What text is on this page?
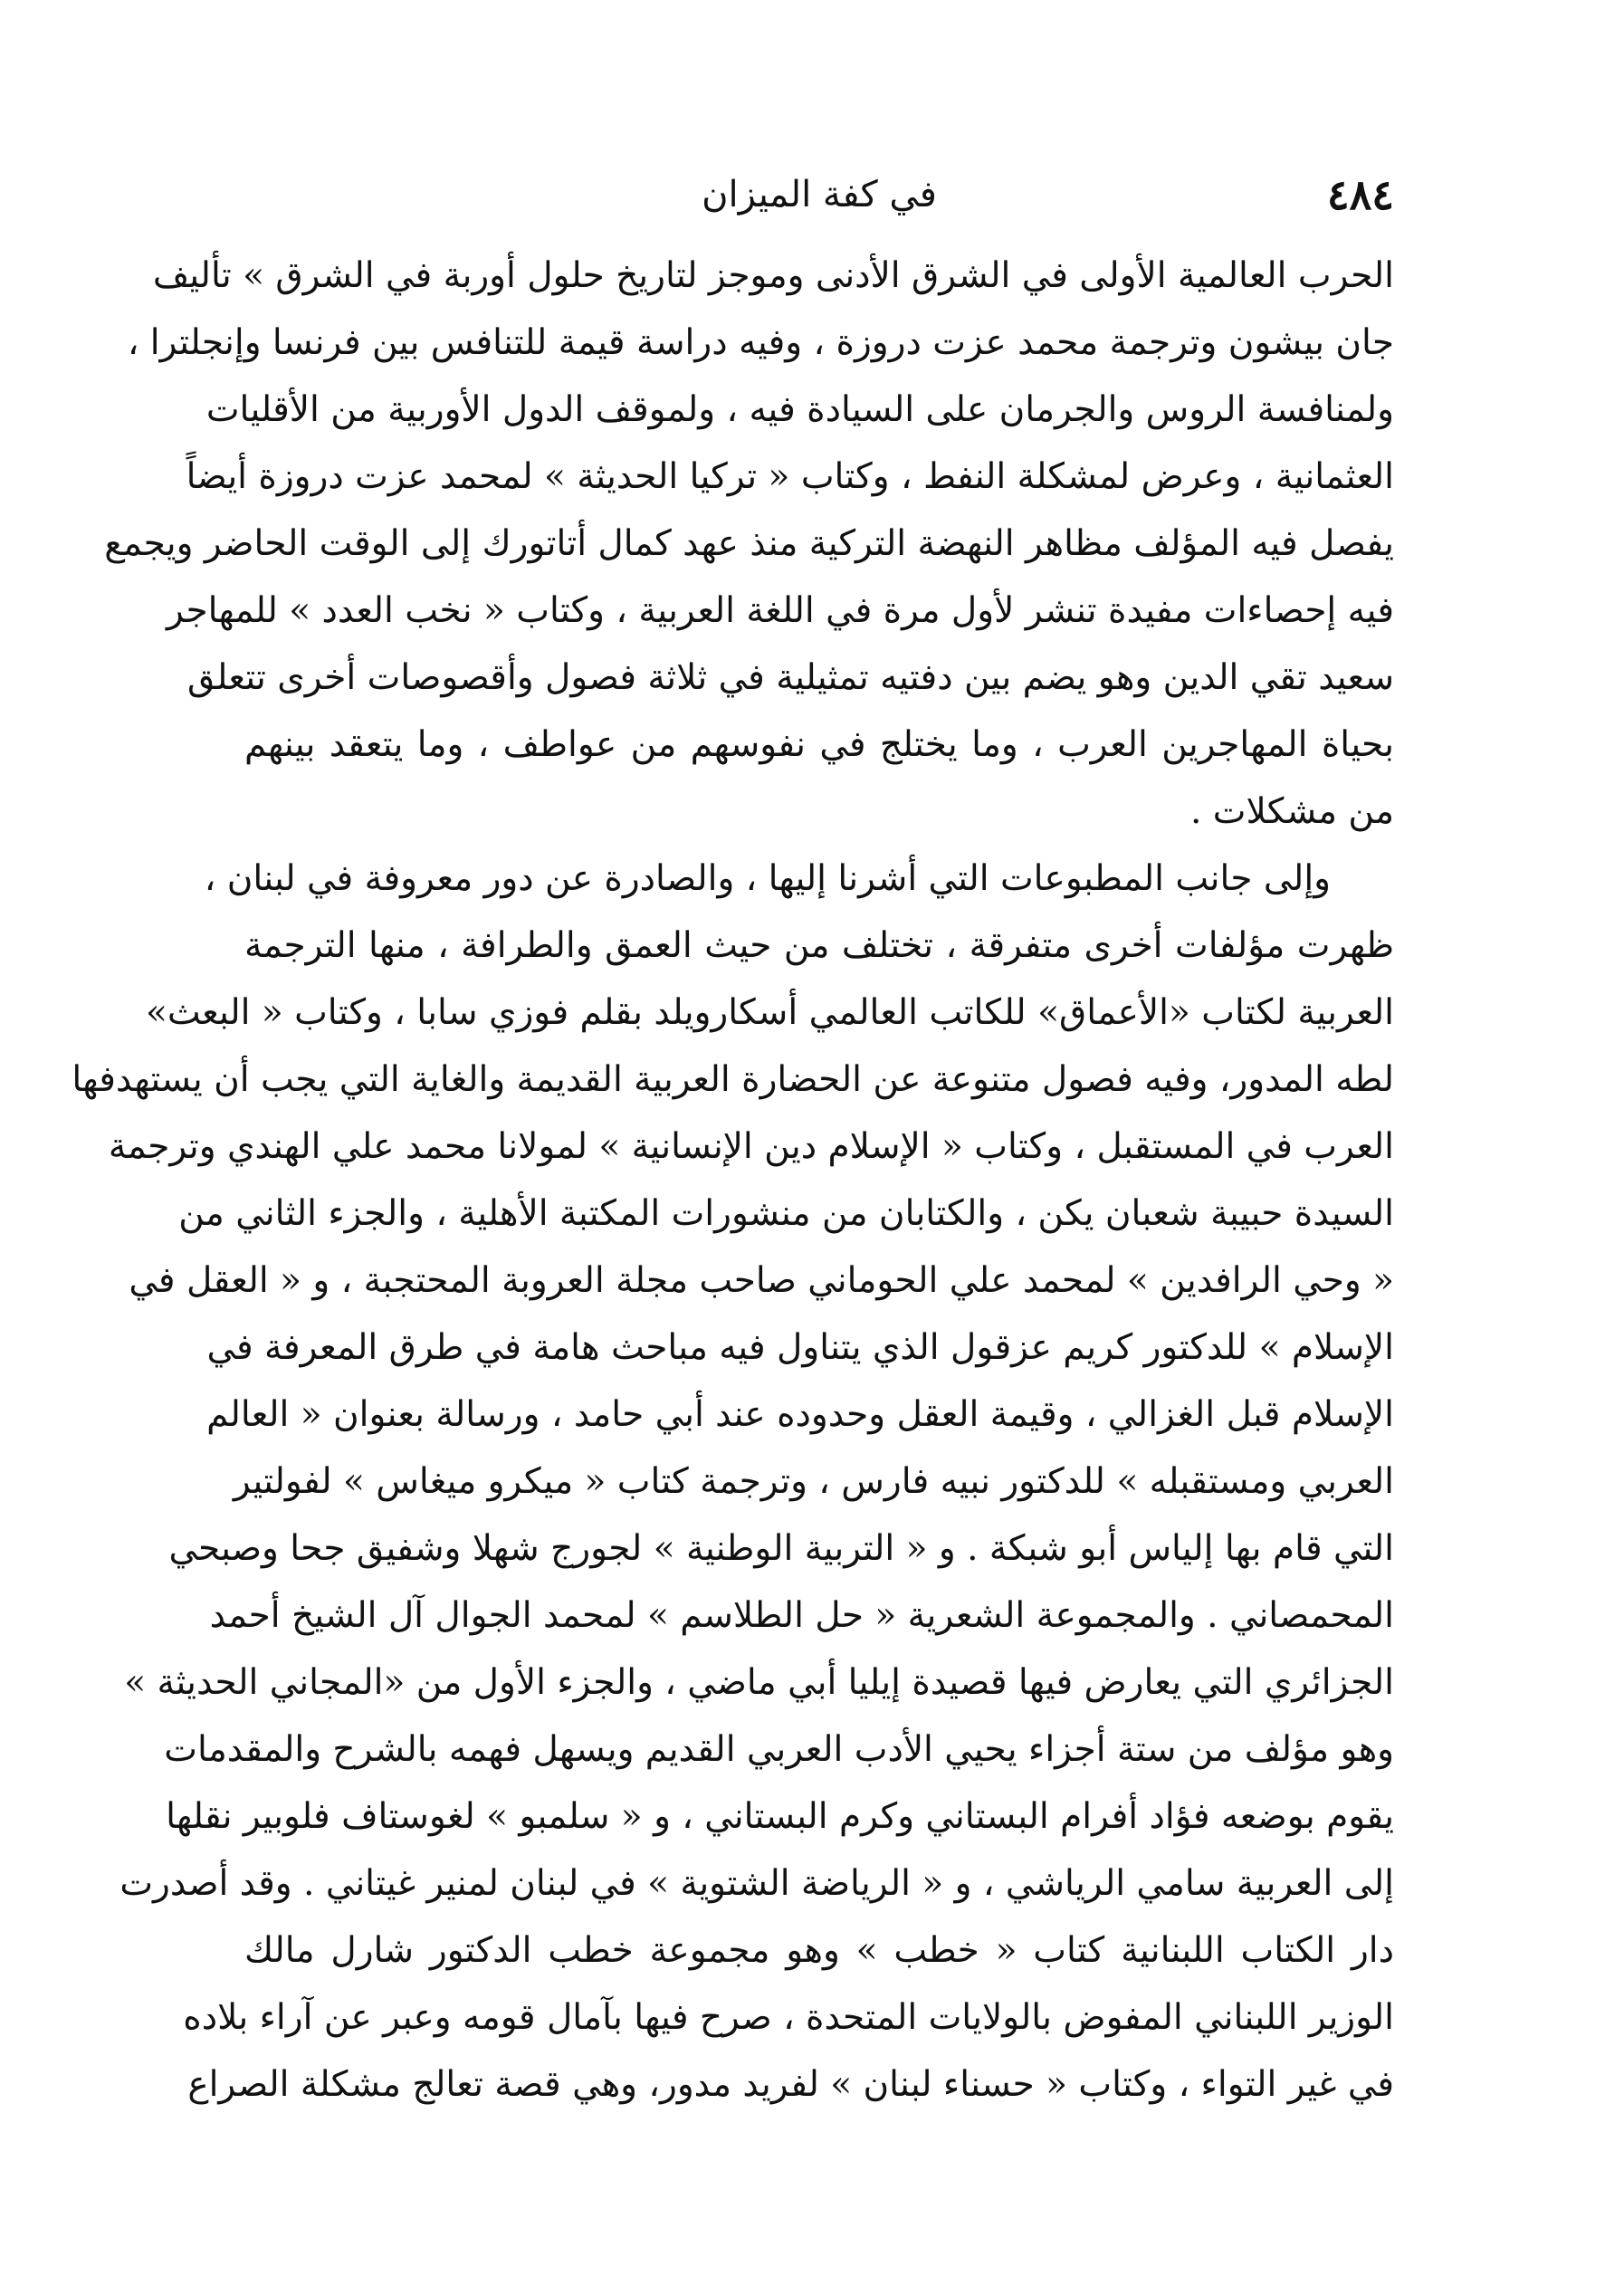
٤٨٤
في كفة الميزان
الحرب العالمية الأولى في الشرق الأدنى وموجز لتاريخ حلول أوربة في الشرق » تأليف
جان بيشون وترجمة محمد عزت دروزة ، وفيه دراسة قيمة للتنافس بين فرنسا وإنجلترا ،
ولمنافسة الروس والجرمان على السيادة فيه ، ولموقف الدول الأوربية من الأقليات
العثمانية ، وعرض لمشكلة النفط ، وكتاب « تركيا الحديثة » لمحمد عزت دروزة أيضاً
يفصل فيه المؤلف مظاهر النهضة التركية منذ عهد كمال أتاتورك إلى الوقت الحاضر ويجمع
فيه إحصاءات مفيدة تنشر لأول مرة في اللغة العربية ، وكتاب « نخب العدد » للمهاجر
سعيد تقي الدين وهو يضم بين دفتيه تمثيلية في ثلاثة فصول وأقصوصات أخرى تتعلق
بحياة المهاجرين العرب ، وما يختلج في نفوسهم من عواطف ، وما يتعقد بينهم
من مشكلات .
وإلى جانب المطبوعات التي أشرنا إليها ، والصادرة عن دور معروفة في لبنان ،
ظهرت مؤلفات أخرى متفرقة ، تختلف من حيث العمق والطرافة ، منها الترجمة
العربية لكتاب «الأعماق» للكاتب العالمي أسكارويلد بقلم فوزي سابا ، وكتاب « البعث»
لطه المدور، وفيه فصول متنوعة عن الحضارة العربية القديمة والغاية التي يجب أن يستهدفها
العرب في المستقبل ، وكتاب « الإسلام دين الإنسانية » لمولانا محمد علي الهندي وترجمة
السيدة حبيبة شعبان يكن ، والكتابان من منشورات المكتبة الأهلية ، والجزء الثاني من
« وحي الرافدين » لمحمد علي الحوماني صاحب مجلة العروبة المحتجبة ، و « العقل في
الإسلام » للدكتور كريم عزقول الذي يتناول فيه مباحث هامة في طرق المعرفة في
الإسلام قبل الغزالي ، وقيمة العقل وحدوده عند أبي حامد ، ورسالة بعنوان « العالم
العربي ومستقبله » للدكتور نبيه فارس ، وترجمة كتاب « ميكرو ميغاس » لفولتير
التي قام بها إلياس أبو شبكة . و « التربية الوطنية » لجورج شهلا وشفيق جحا وصبحي
المحمصاني . والمجموعة الشعرية « حل الطلاسم » لمحمد الجوال آل الشيخ أحمد
الجزائري التي يعارض فيها قصيدة إيليا أبي ماضي ، والجزء الأول من «المجاني الحديثة »
وهو مؤلف من ستة أجزاء يحيي الأدب العربي القديم ويسهل فهمه بالشرح والمقدمات
يقوم بوضعه فؤاد أفرام البستاني وكرم البستاني ، و « سلمبو » لغوستاف فلوبير نقلها
إلى العربية سامي الرياشي ، و « الرياضة الشتوية » في لبنان لمنير غيتاني . وقد أصدرت
دار الكتاب اللبنانية كتاب « خطب » وهو مجموعة خطب الدكتور شارل مالك
الوزير اللبناني المفوض بالولايات المتحدة ، صرح فيها بآمال قومه وعبر عن آراء بلاده
في غير التواء ، وكتاب « حسناء لبنان » لفريد مدور، وهي قصة تعالج مشكلة الصراع
